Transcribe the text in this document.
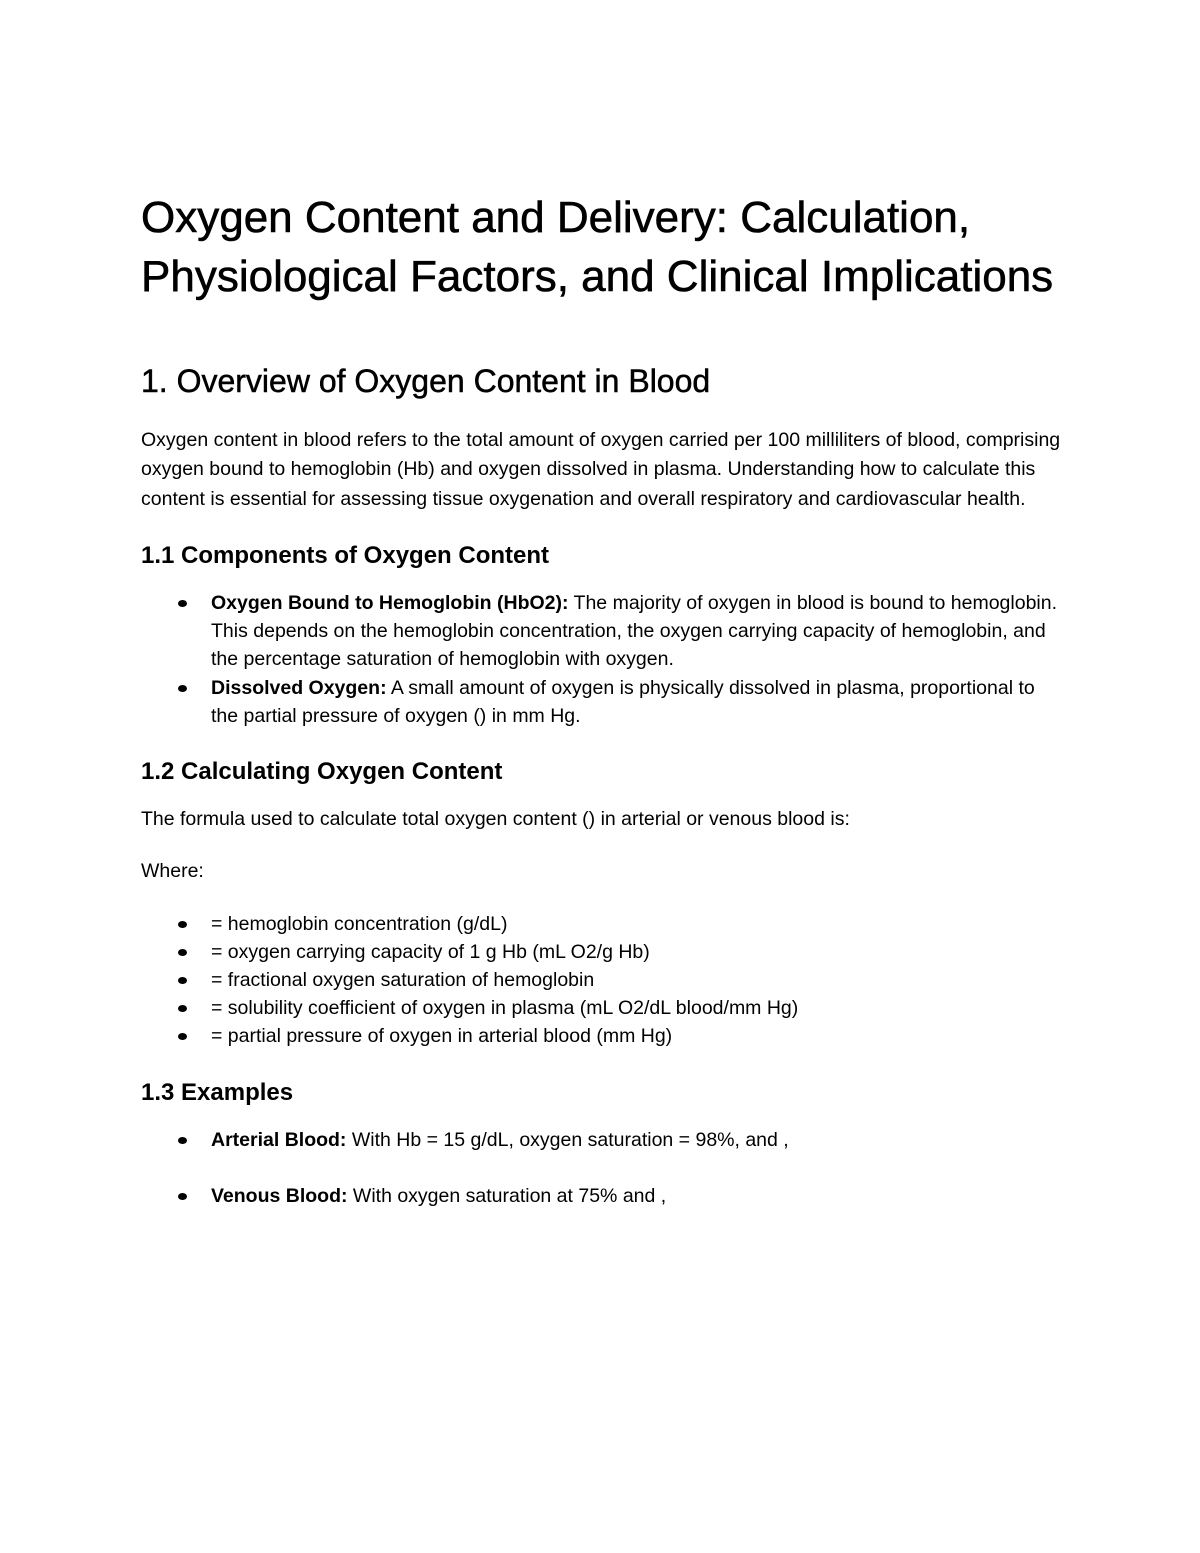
Oxygen Content and Delivery: Calculation, Physiological Factors, and Clinical Implications
1. Overview of Oxygen Content in Blood

Oxygen content in blood refers to the total amount of oxygen carried per 100 milliliters of blood, comprising oxygen bound to hemoglobin (Hb) and oxygen dissolved in plasma. Understanding how to calculate this content is essential for assessing tissue oxygenation and overall respiratory and cardiovascular health.

1.1 Components of Oxygen Content
Oxygen Bound to Hemoglobin (HbO2): The majority of oxygen in blood is bound to hemoglobin. This depends on the hemoglobin concentration, the oxygen carrying capacity of hemoglobin, and the percentage saturation of hemoglobin with oxygen.
Dissolved Oxygen: A small amount of oxygen is physically dissolved in plasma, proportional to the partial pressure of oxygen () in mm Hg.
1.2 Calculating Oxygen Content

The formula used to calculate total oxygen content () in arterial or venous blood is:

Where:

= hemoglobin concentration (g/dL)
= oxygen carrying capacity of 1 g Hb (mL O2/g Hb)
= fractional oxygen saturation of hemoglobin
= solubility coefficient of oxygen in plasma (mL O2/dL blood/mm Hg)
= partial pressure of oxygen in arterial blood (mm Hg)
1.3 Examples
Arterial Blood: With Hb = 15 g/dL, oxygen saturation = 98%, and ,
Venous Blood: With oxygen saturation at 75% and ,
